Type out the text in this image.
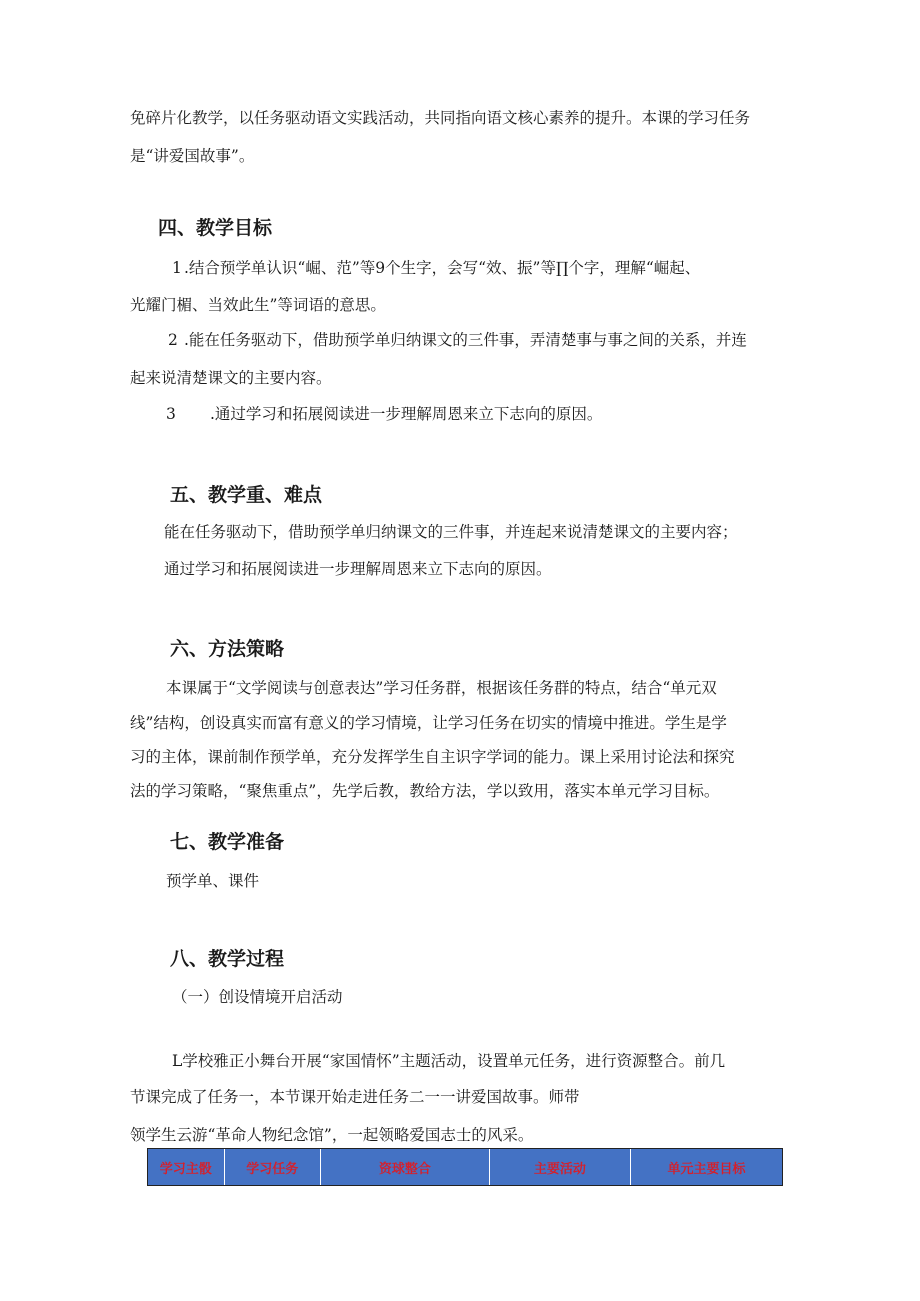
免碎片化教学，以任务驱动语文实践活动，共同指向语文核心素养的提升。本课的学习任务
是“讲爱国故事”。
四、教学目标
1 .结合预学单认识“崛、范”等9个生字，会写“效、振”等∏个字，理解“崛起、
光耀门楣、当效此生”等词语的意思。
2 .能在任务驱动下，借助预学单归纳课文的三件事，弄清楚事与事之间的关系，并连
起来说清楚课文的主要内容。
3 .通过学习和拓展阅读进一步理解周恩来立下志向的原因。
五、教学重、难点
能在任务驱动下，借助预学单归纳课文的三件事，并连起来说清楚课文的主要内容；
通过学习和拓展阅读进一步理解周恩来立下志向的原因。
六、方法策略
本课属于“文学阅读与创意表达”学习任务群，根据该任务群的特点，结合“单元双
线”结构，创设真实而富有意义的学习情境，让学习任务在切实的情境中推进。学生是学
习的主体，课前制作预学单，充分发挥学生自主识字学词的能力。课上采用讨论法和探究
法的学习策略，“聚焦重点”，先学后教，教给方法，学以致用，落实本单元学习目标。
七、教学准备
预学单、课件
八、教学过程
（一）创设情境开启活动
L学校雅正小舞台开展“家国情怀”主题活动，设置单元任务，进行资源整合。前几
节课完成了任务一，本节课开始走进任务二一一讲爱国故事。师带
领学生云游“革命人物纪念馆”，一起领略爱国志士的风采。
学习主骰	学习任务	资球整合	主要活动	单元主要目标
